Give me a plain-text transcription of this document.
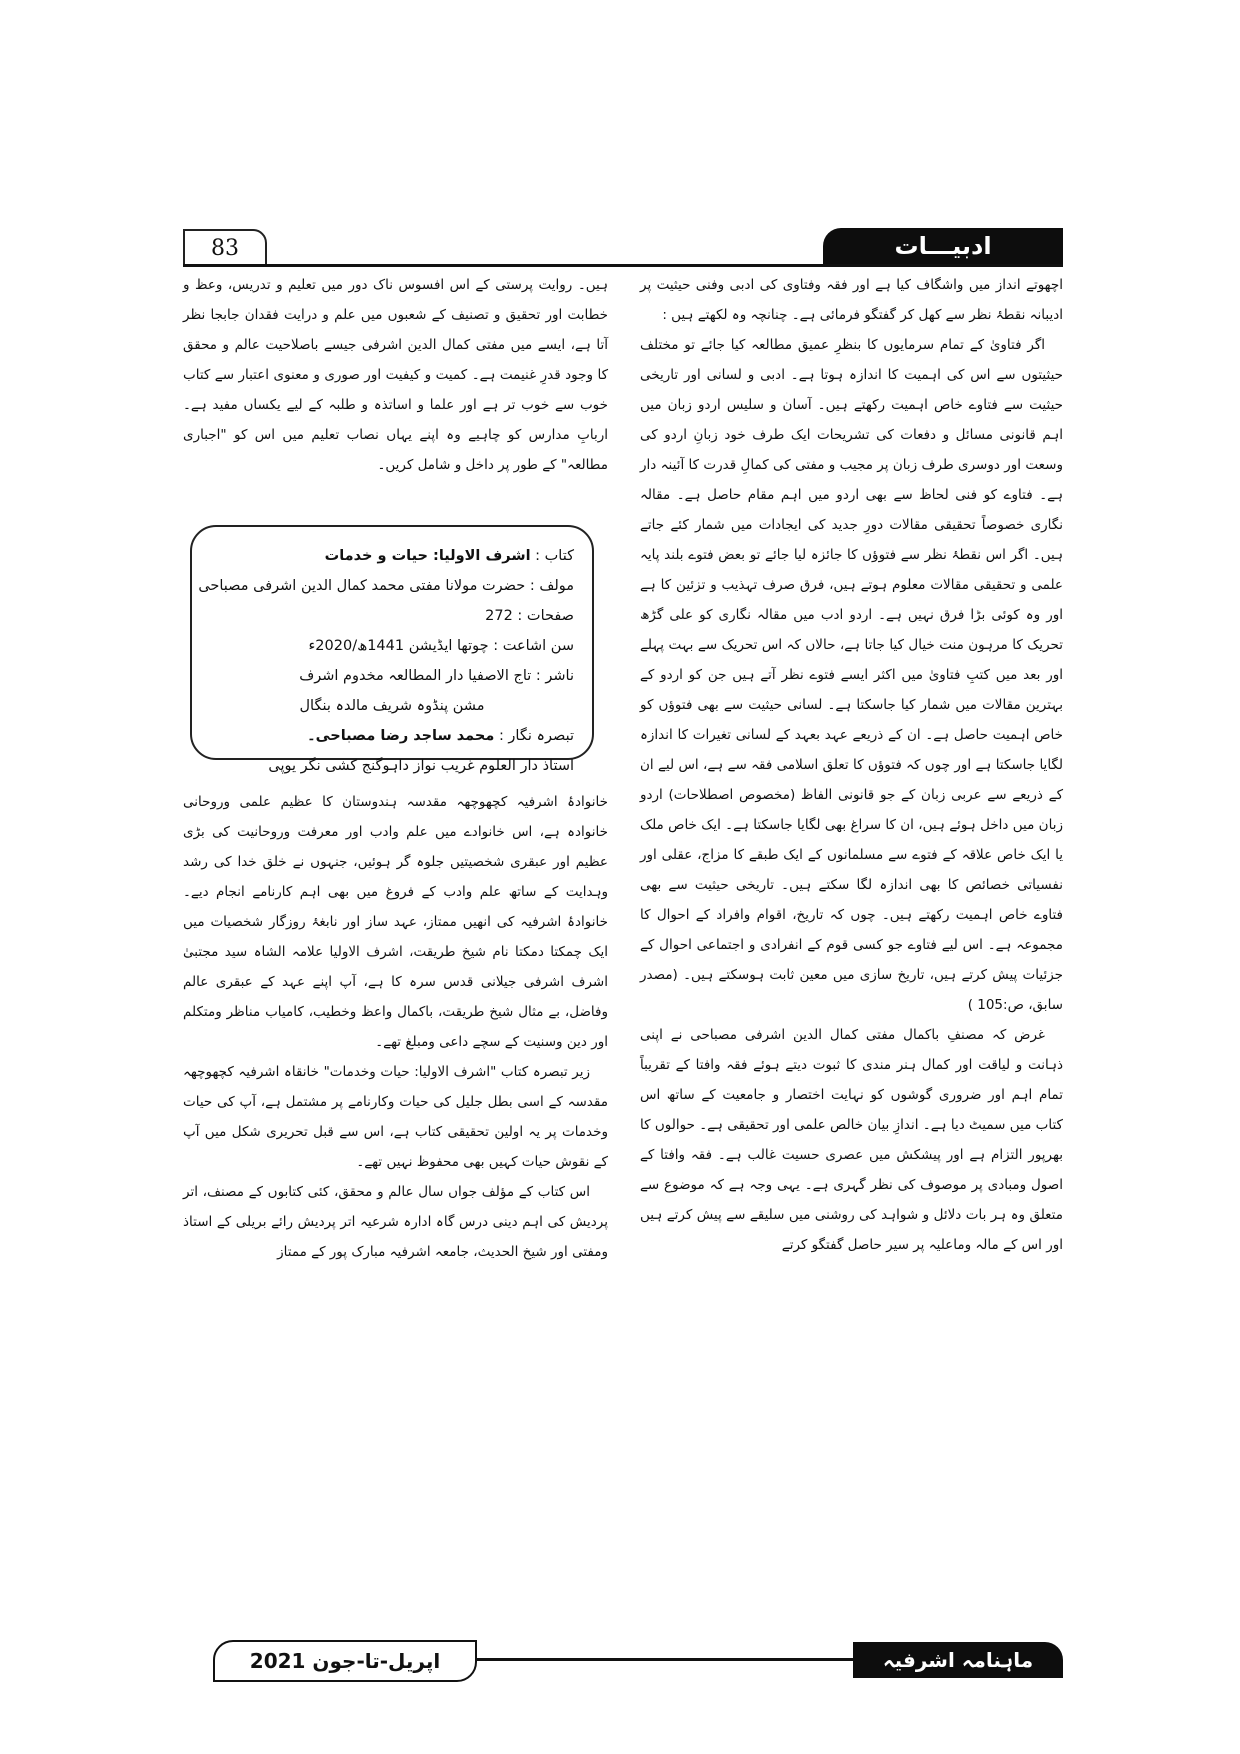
83	ادبیـــات

اچھوتے انداز میں واشگاف کیا ہے اور فقہ وفتاوی کی ادبی وفنی حیثیت پر ادیبانہ نقطۂ نظر سے کھل کر گفتگو فرمائی ہے۔ چنانچہ وہ لکھتے ہیں :

اگر فتاویٰ کے تمام سرمایوں کا بنظرِ عمیق مطالعہ کیا جائے تو مختلف حیثیتوں سے اس کی اہمیت کا اندازہ ہوتا ہے۔ ادبی و لسانی اور تاریخی حیثیت سے فتاوے خاص اہمیت رکھتے ہیں۔ آسان و سلیس اردو زبان میں اہم قانونی مسائل و دفعات کی تشریحات ایک طرف خود زبانِ اردو کی وسعت اور دوسری طرف زبان پر مجیب و مفتی کی کمالِ قدرت کا آئینہ دار ہے۔ فتاوے کو فنی لحاظ سے بھی اردو میں اہم مقام حاصل ہے۔ مقالہ نگاری خصوصاً تحقیقی مقالات دورِ جدید کی ایجادات میں شمار کئے جاتے ہیں۔ اگر اس نقطۂ نظر سے فتوؤں کا جائزہ لیا جائے تو بعض فتوے بلند پایہ علمی و تحقیقی مقالات معلوم ہوتے ہیں، فرق صرف تہذیب و تزئین کا ہے اور وہ کوئی بڑا فرق نہیں ہے۔ اردو ادب میں مقالہ نگاری کو علی گڑھ تحریک کا مرہون منت خیال کیا جاتا ہے، حالاں کہ اس تحریک سے بہت پہلے اور بعد میں کتبِ فتاویٰ میں اکثر ایسے فتوے نظر آتے ہیں جن کو اردو کے بہترین مقالات میں شمار کیا جاسکتا ہے۔ لسانی حیثیت سے بھی فتوؤں کو خاص اہمیت حاصل ہے۔ ان کے ذریعے عہد بعہد کے لسانی تغیرات کا اندازہ لگایا جاسکتا ہے اور چوں کہ فتوؤں کا تعلق اسلامی فقہ سے ہے، اس لیے ان کے ذریعے سے عربی زبان کے جو قانونی الفاظ (مخصوص اصطلاحات) اردو زبان میں داخل ہوئے ہیں، ان کا سراغ بھی لگایا جاسکتا ہے۔ ایک خاص ملک یا ایک خاص علاقہ کے فتوے سے مسلمانوں کے ایک طبقے کا مزاج، عقلی اور نفسیاتی خصائص کا بھی اندازہ لگا سکتے ہیں۔ تاریخی حیثیت سے بھی فتاوے خاص اہمیت رکھتے ہیں۔ چوں کہ تاریخ، اقوام وافراد کے احوال کا مجموعہ ہے۔ اس لیے فتاوے جو کسی قوم کے انفرادی و اجتماعی احوال کے جزئیات پیش کرتے ہیں، تاریخ سازی میں معین ثابت ہوسکتے ہیں۔ (مصدر سابق، ص:105 )

غرض کہ مصنفِ باکمال مفتی کمال الدین اشرفی مصباحی نے اپنی ذہانت و لیاقت اور کمال ہنر مندی کا ثبوت دیتے ہوئے فقہ وافتا کے تقریباً تمام اہم اور ضروری گوشوں کو نہایت اختصار و جامعیت کے ساتھ اس کتاب میں سمیٹ دیا ہے۔ اندازِ بیان خالص علمی اور تحقیقی ہے۔ حوالوں کا بھرپور التزام ہے اور پیشکش میں عصری حسیت غالب ہے۔ فقہ وافتا کے اصول ومبادی پر موصوف کی نظر گہری ہے۔ یہی وجہ ہے کہ موضوع سے متعلق وہ ہر بات دلائل و شواہد کی روشنی میں سلیقے سے پیش کرتے ہیں اور اس کے مالہ وماعلیہ پر سیر حاصل گفتگو کرتے

ہیں۔ روایت پرستی کے اس افسوس ناک دور میں تعلیم و تدریس، وعظ و خطابت اور تحقیق و تصنیف کے شعبوں میں علم و درایت فقدان جابجا نظر آتا ہے، ایسے میں مفتی کمال الدین اشرفی جیسے باصلاحیت عالم و محقق کا وجود قدرِ غنیمت ہے۔ کمیت و کیفیت اور صوری و معنوی اعتبار سے کتاب خوب سے خوب تر ہے اور علما و اساتذہ و طلبہ کے لیے یکساں مفید ہے۔ اربابِ مدارس کو چاہیے وہ اپنے یہاں نصاب تعلیم میں اس کو "اجباری مطالعہ" کے طور پر داخل و شامل کریں۔

کتاب : اشرف الاولیا: حیات و خدمات
مولف : حضرت مولانا مفتی محمد کمال الدین اشرفی مصباحی
صفحات : 272
سن اشاعت : چوتھا ایڈیشن 1441ھ/2020ء
ناشر : تاج الاصفیا دار المطالعہ مخدوم اشرف
مشن پنڈوہ شریف مالدہ بنگال
تبصرہ نگار : محمد ساجد رضا مصباحی۔
استاذ دار العلوم غریب نواز داہوگنج کشی نگر یوپی

خانوادۂ اشرفیہ کچھوچھہ مقدسہ ہندوستان کا عظیم علمی وروحانی خانوادہ ہے، اس خانوادے میں علم وادب اور معرفت وروحانیت کی بڑی عظیم اور عبقری شخصیتیں جلوہ گر ہوئیں، جنہوں نے خلق خدا کی رشد وہدایت کے ساتھ علم وادب کے فروغ میں بھی اہم کارنامے انجام دیے۔ خانوادۂ اشرفیہ کی انھیں ممتاز، عہد ساز اور نابغۂ روزگار شخصیات میں ایک چمکتا دمکتا نام شیخ طریقت، اشرف الاولیا علامہ الشاہ سید مجتبیٰ اشرف اشرفی جیلانی قدس سرہ کا ہے، آپ اپنے عہد کے عبقری عالم وفاضل، بے مثال شیخ طریقت، باکمال واعظ وخطیب، کامیاب مناظر ومتکلم اور دین وسنیت کے سچے داعی ومبلغ تھے۔

زیر تبصرہ کتاب "اشرف الاولیا: حیات وخدمات" خانقاہ اشرفیہ کچھوچھہ مقدسہ کے اسی بطل جلیل کی حیات وکارنامے پر مشتمل ہے، آپ کی حیات وخدمات پر یہ اولین تحقیقی کتاب ہے، اس سے قبل تحریری شکل میں آپ کے نقوش حیات کہیں بھی محفوظ نہیں تھے۔

اس کتاب کے مؤلف جواں سال عالم و محقق، کئی کتابوں کے مصنف، اتر پردیش کی اہم دینی درس گاہ ادارہ شرعیہ اتر پردیش رائے بریلی کے استاذ ومفتی اور شیخ الحدیث، جامعہ اشرفیہ مبارک پور کے ممتاز

اپریل-تا-جون 2021	ماہنامہ اشرفیہ
